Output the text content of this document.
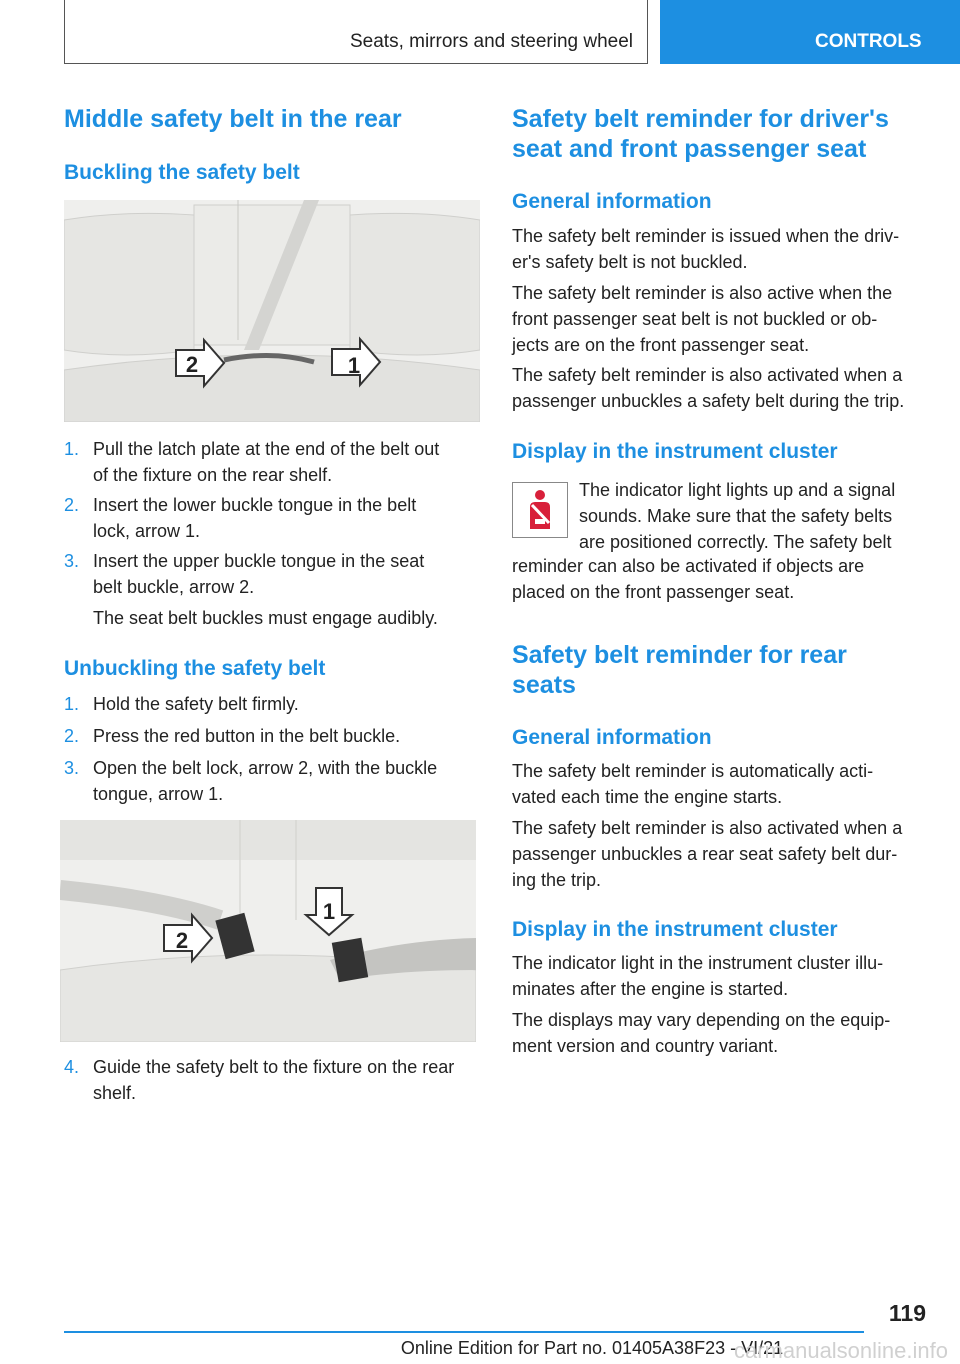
Seats, mirrors and steering wheel	CONTROLS
Middle safety belt in the rear
Buckling the safety belt
2	1
1. Pull the latch plate at the end of the belt out
of the fixture on the rear shelf.
2. Insert the lower buckle tongue in the belt
lock, arrow 1.
3. Insert the upper buckle tongue in the seat
belt buckle, arrow 2.

The seat belt buckles must engage audibly.

Unbuckling the safety belt
1. Hold the safety belt firmly.
2. Press the red button in the belt buckle.
3. Open the belt lock, arrow 2, with the buckle
tongue, arrow 1.
2
1
4. Guide the safety belt to the fixture on the rear
shelf.
Safety belt reminder for driver's
seat and front passenger seat
General information

The safety belt reminder is issued when the driv‐
er's safety belt is not buckled.

The safety belt reminder is also active when the
front passenger seat belt is not buckled or ob‐
jects are on the front passenger seat.

The safety belt reminder is also activated when a
passenger unbuckles a safety belt during the trip.

Display in the instrument cluster

The indicator light lights up and a signal
sounds. Make sure that the safety belts
are positioned correctly. The safety belt

reminder can also be activated if objects are
placed on the front passenger seat.

Safety belt reminder for rear
seats
General information

The safety belt reminder is automatically acti‐
vated each time the engine starts.

The safety belt reminder is also activated when a
passenger unbuckles a rear seat safety belt dur‐
ing the trip.

Display in the instrument cluster

The indicator light in the instrument cluster illu‐
minates after the engine is started.

The displays may vary depending on the equip‐
ment version and country variant.

119
Online Edition for Part no. 01405A38F23 - VI/21
carmanualsonline.info
